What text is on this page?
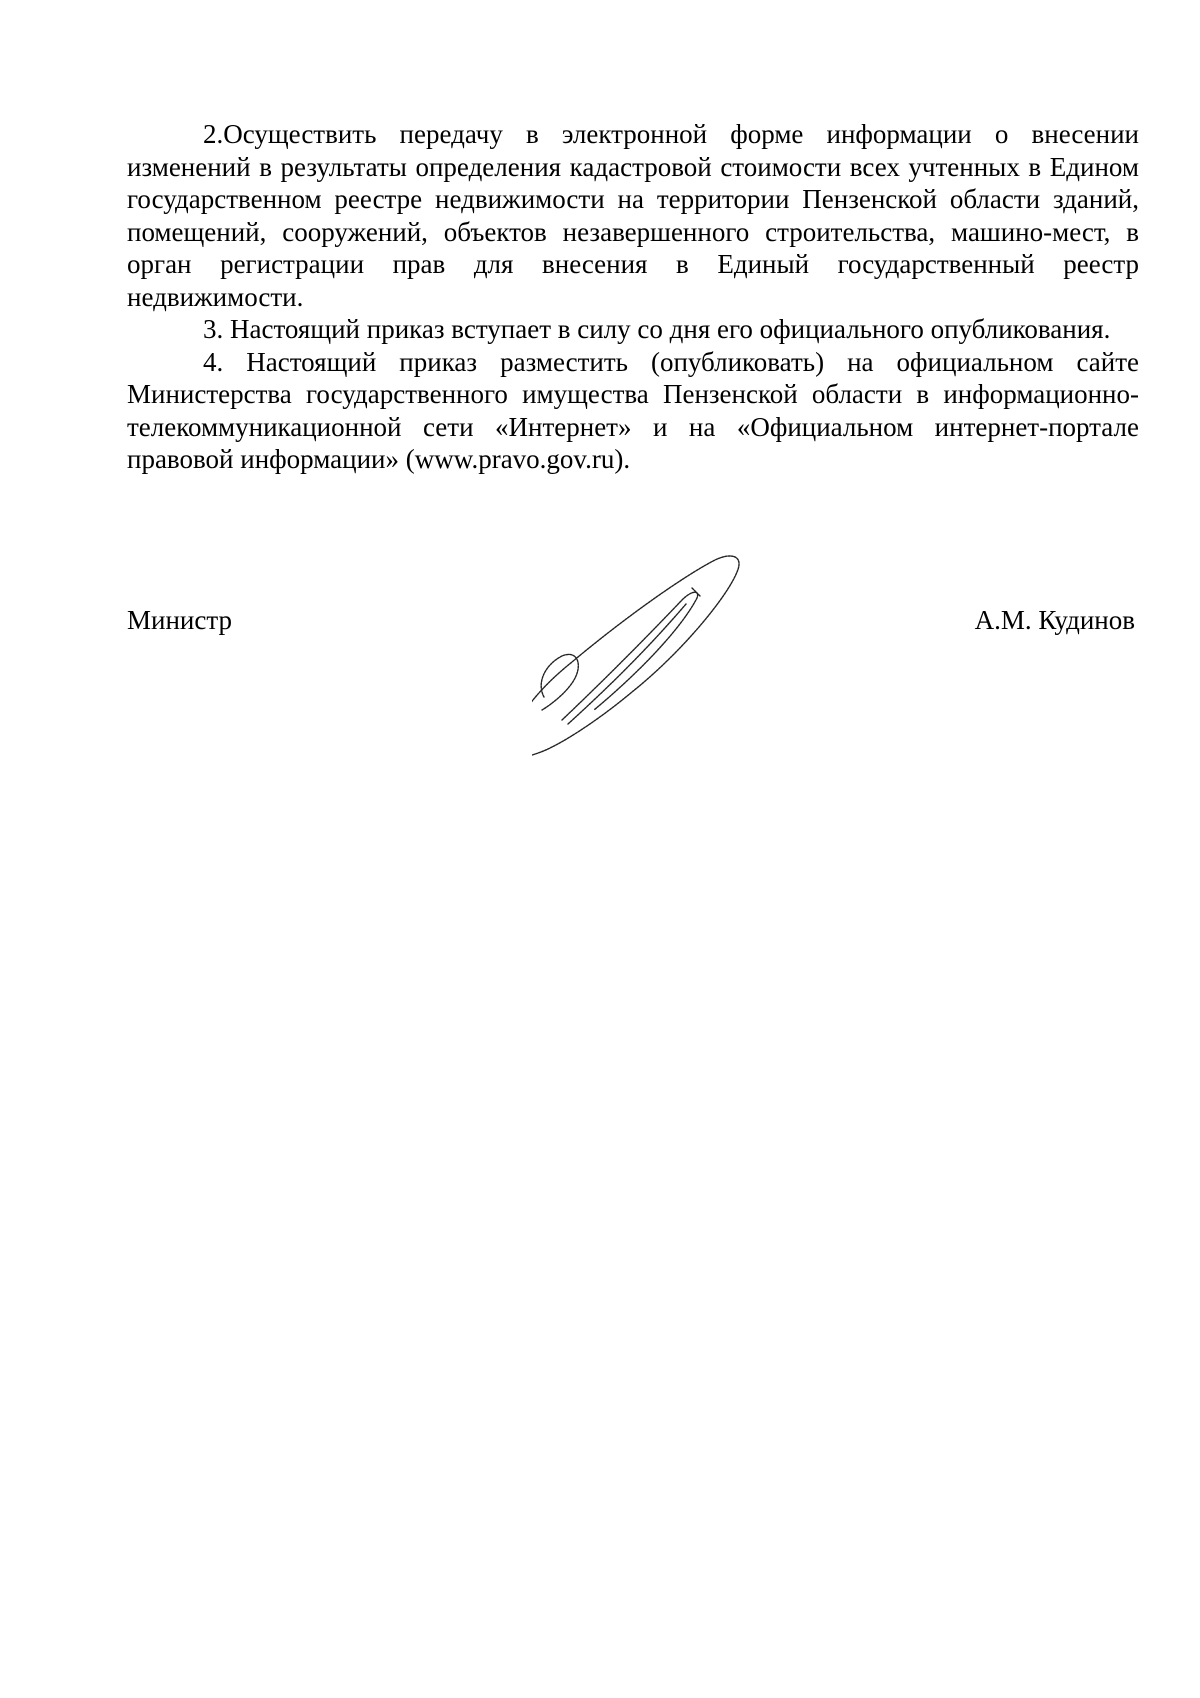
2.Осуществить передачу в электронной форме информации о внесении изменений в результаты определения кадастровой стоимости всех учтенных в Едином государственном реестре недвижимости на территории Пензенской области зданий, помещений, сооружений, объектов незавершенного строительства, машино-мест, в орган регистрации прав для внесения в Единый государственный реестр недвижимости.

3. Настоящий приказ вступает в силу со дня его официального опубликования.

4. Настоящий приказ разместить (опубликовать) на официальном сайте Министерства государственного имущества Пензенской области в информационно-телекоммуникационной сети «Интернет» и на «Официальном интернет-портале правовой информации» (www.pravo.gov.ru).

Министр	А.М. Кудинов
